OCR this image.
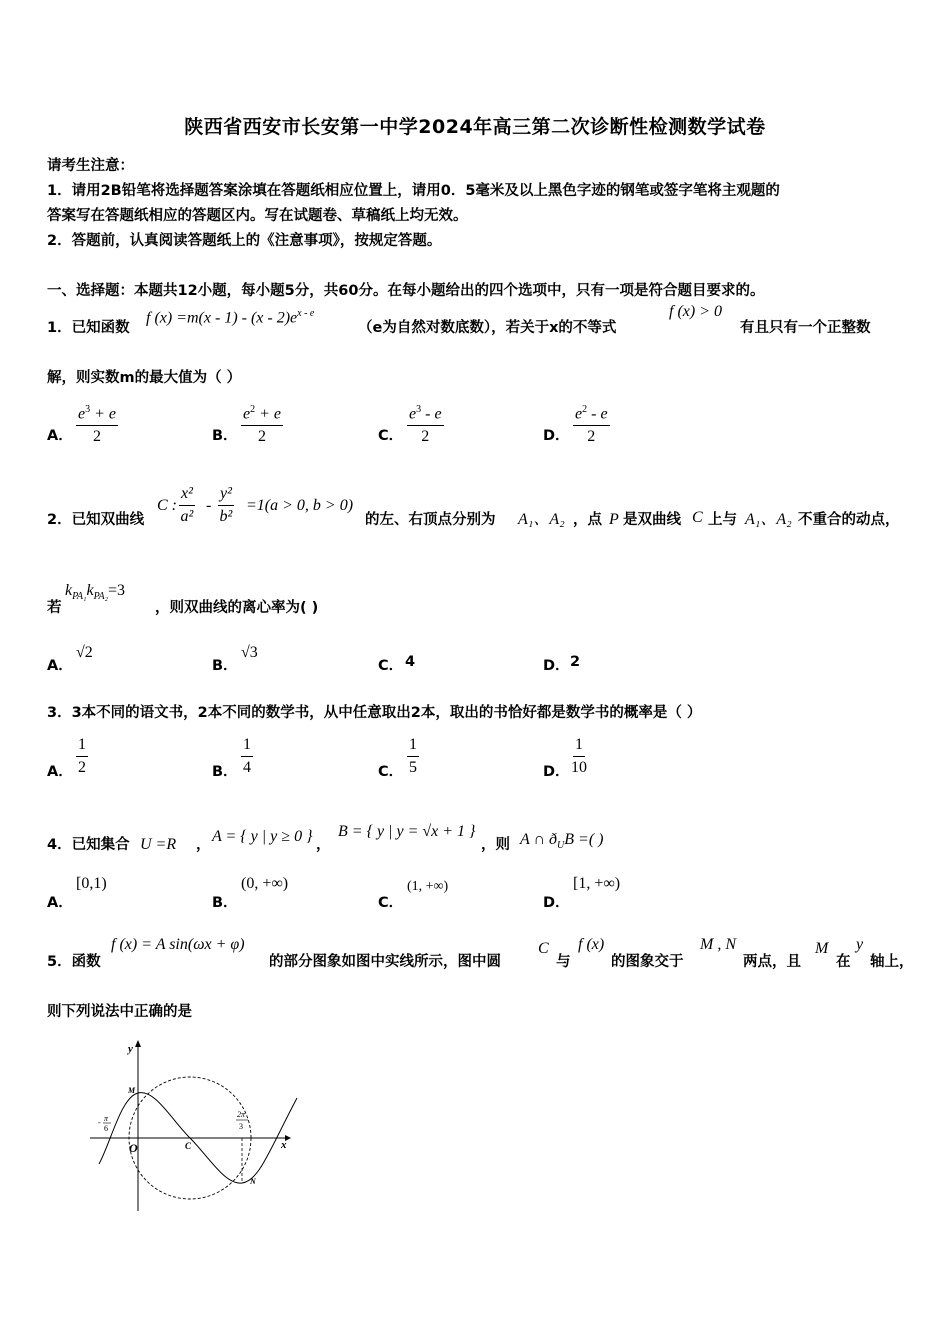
陕西省西安市长安第一中学2024年高三第二次诊断性检测数学试卷
请考生注意：
1．请用2B铅笔将选择题答案涂填在答题纸相应位置上，请用0．5毫米及以上黑色字迹的钢笔或签字笔将主观题的
答案写在答题纸相应的答题区内。写在试题卷、草稿纸上均无效。
2．答题前，认真阅读答题纸上的《注意事项》，按规定答题。
一、选择题：本题共12小题，每小题5分，共60分。在每小题给出的四个选项中，只有一项是符合题目要求的。
1．已知函数
f $(x) =m(x - 1) - (x - 2)e^{x - e}$
（e为自然对数底数），若关于x的不等式
f (x) > 0
有且只有一个正整数
解，则实数m的最大值为（ ）
A． $\frac{e^3 + e}{2}$	B． $\frac{e^2 + e}{2}$	C． $\frac{e^3 - e}{2}$	D． $\frac{e^2 - e}{2}$
2．已知双曲线
C : $\frac{\text{x²}}{\text{a²}} - \frac{\text{y²}}{\text{b²}} =1(a > 0$, b > 0)
的左、右顶点分别为 A₁、A₂ ，点 P 是双曲线 C 上与 A₁、A₂ 不重合的动点，
若
$k_{PA_1}k_{PA_2}=3$
，则双曲线的离心率为( )
A．
√2
B．
√3
C． 4	D． 2
3．3本不同的语文书，2本不同的数学书，从中任意取出2本，取出的书恰好都是数学书的概率是（ ）
A． $\frac{1}{2}$	B． $\frac{1}{4}$	C． $\frac{1}{5}$	D． $\frac{1}{10}$
4．已知集合 U =R ， A = { y | y ≥ 0 } ，
B = { y | y = √x + 1 }
，则 A ∩ $ð_UB$ =( )
A．
[0,1)
B．
(0, +∞)
C．
(1, +∞)
D．
[1, +∞)
5．函数
f (x) = A sin(ωx + φ)
的部分图象如图中实线所示，图中圆
C
与
f (x)
的图象交于
M , N
两点，且
M
在
y
轴上，
则下列说法中正确的是
y
x
O	C
M
N
- π
6
2π
3
